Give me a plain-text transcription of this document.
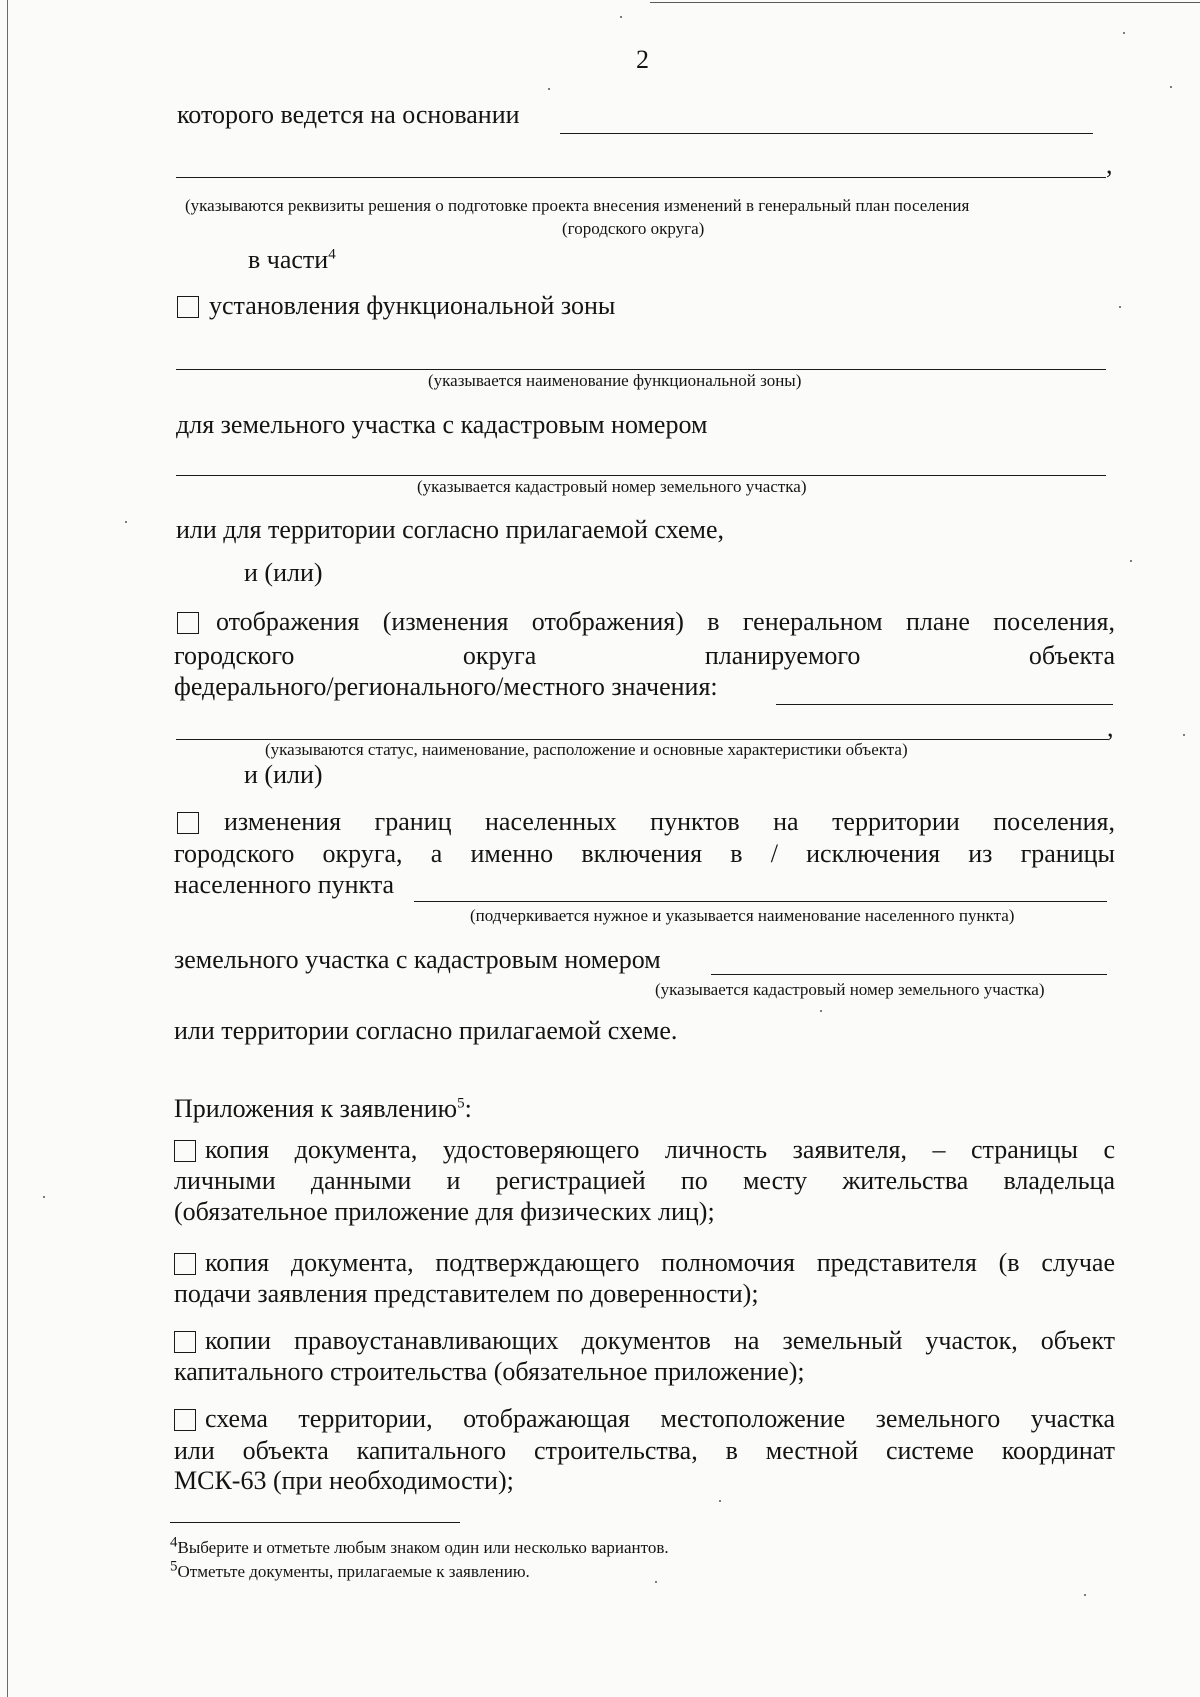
2
которого ведется на основании
,
(указываются реквизиты решения о подготовке проекта внесения изменений в генеральный план поселения
(городского округа)
в части$^4$
установления функциональной зоны
(указывается наименование функциональной зоны)
для земельного участка с кадастровым номером
(указывается кадастровый номер земельного участка)
или для территории согласно прилагаемой схеме,
и (или)
отображения (изменения отображения) в генеральном плане поселения,
городского округа планируемого объекта
федерального/регионального/местного значения:
,
(указываются статус, наименование, расположение и основные характеристики объекта)
и (или)
изменения границ населенных пунктов на территории поселения,
городского округа, а именно включения в / исключения из границы
населенного пункта
(подчеркивается нужное и указывается наименование населенного пункта)
земельного участка с кадастровым номером
(указывается кадастровый номер земельного участка)
или территории согласно прилагаемой схеме.
Приложения к заявлению$^5$:
копия документа, удостоверяющего личность заявителя, – страницы с
личными данными и регистрацией по месту жительства владельца
(обязательное приложение для физических лиц);
копия документа, подтверждающего полномочия представителя (в случае
подачи заявления представителем по доверенности);
копии правоустанавливающих документов на земельный участок, объект
капитального строительства (обязательное приложение);
схема территории, отображающая местоположение земельного участка
или объекта капитального строительства, в местной системе координат
МСК-63 (при необходимости);
$^4$Выберите и отметьте любым знаком один или несколько вариантов.
$^5$Отметьте документы, прилагаемые к заявлению.
